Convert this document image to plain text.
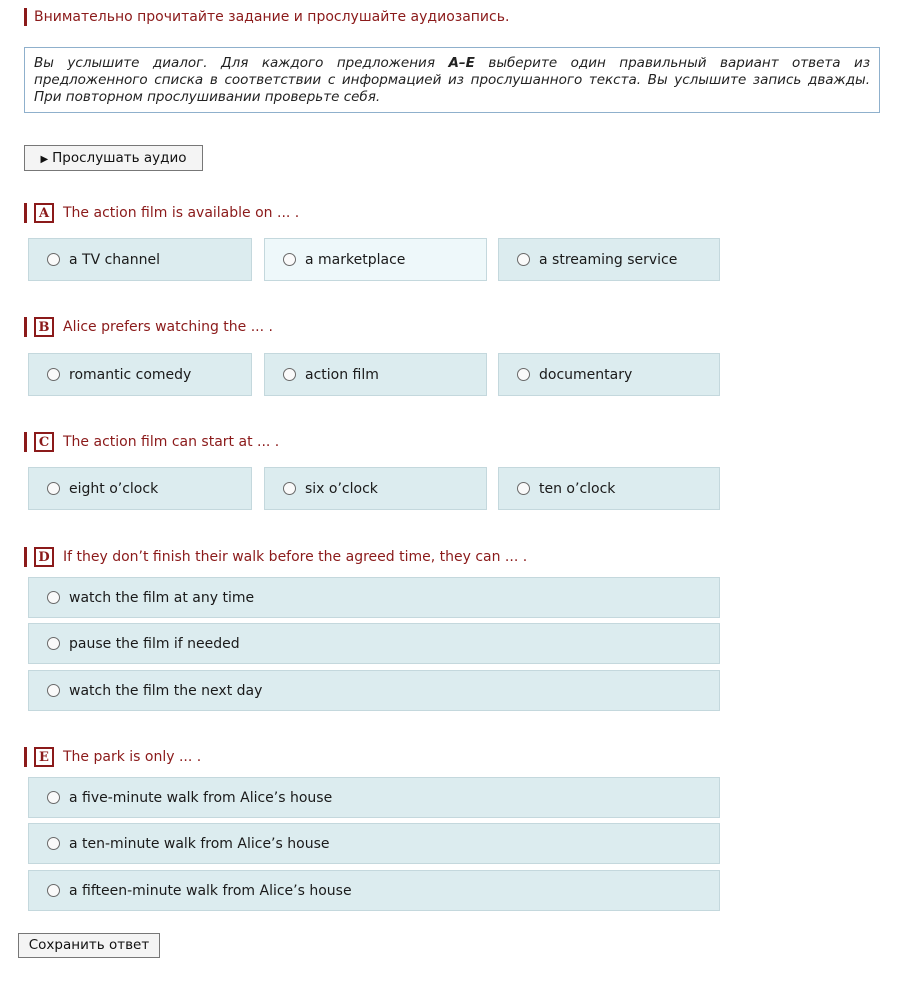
Внимательно прочитайте задание и прослушайте аудиозапись.
Вы услышите диалог. Для каждого предложения A–E выберите один правильный вариант ответа из предложенного списка в соответствии с информацией из прослушанного текста. Вы услышите запись дважды. При повторном прослушивании проверьте себя.
▶ Прослушать аудио
A The action film is available on ... .
a TV channel	a marketplace	a streaming service
B Alice prefers watching the ... .
romantic comedy	action film	documentary
C The action film can start at ... .
eight o’clock	six o’clock	ten o’clock
D If they don’t finish their walk before the agreed time, they can ... .
watch the film at any time
pause the film if needed
watch the film the next day
E	The park is only ... .
a five-minute walk from Alice’s house
a ten-minute walk from Alice’s house
a fifteen-minute walk from Alice’s house
Сохранить ответ
